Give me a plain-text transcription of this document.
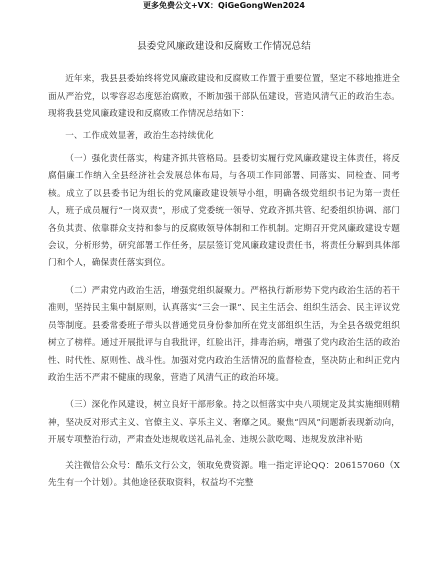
更多免费公文+VX：QiGeGongWen2024
县委党风廉政建设和反腐败工作情况总结

近年来，我县县委始终将党风廉政建设和反腐败工作置于重要位置，坚定不移地推进全面从严治党，以零容忍态度惩治腐败，不断加强干部队伍建设，营造风清气正的政治生态。现将我县党风廉政建设和反腐败工作情况总结如下：

一、工作成效显著，政治生态持续优化

（一）强化责任落实，构建齐抓共管格局。县委切实履行党风廉政建设主体责任，将反腐倡廉工作纳入全县经济社会发展总体布局，与各项工作同部署、同落实、同检查、同考核。成立了以县委书记为组长的党风廉政建设领导小组，明确各级党组织书记为第一责任人，班子成员履行“一岗双责”，形成了党委统一领导、党政齐抓共管、纪委组织协调、部门各负其责、依靠群众支持和参与的反腐败领导体制和工作机制。定期召开党风廉政建设专题会议，分析形势，研究部署工作任务，层层签订党风廉政建设责任书，将责任分解到具体部门和个人，确保责任落实到位。

（二）严肃党内政治生活，增强党组织凝聚力。严格执行新形势下党内政治生活的若干准则，坚持民主集中制原则，认真落实“三会一课”、民主生活会、组织生活会、民主评议党员等制度。县委常委班子带头以普通党员身份参加所在党支部组织生活，为全县各级党组织树立了榜样。通过开展批评与自我批评，红脸出汗，排毒治病，增强了党内政治生活的政治性、时代性、原则性、战斗性。加强对党内政治生活情况的监督检查，坚决防止和纠正党内政治生活不严肃不健康的现象，营造了风清气正的政治环境。

（三）深化作风建设，树立良好干部形象。持之以恒落实中央八项规定及其实施细则精神，坚决反对形式主义、官僚主义、享乐主义、奢靡之风。聚焦“四风”问题新表现新动向，开展专项整治行动，严肃查处违规收送礼品礼金、违规公款吃喝、违规发放津补贴

关注微信公众号：酷乐文行公文，领取免费资源。唯一指定评论QQ：206157060（X 先生有一个计划）。其他途径获取资料，权益均不完整
